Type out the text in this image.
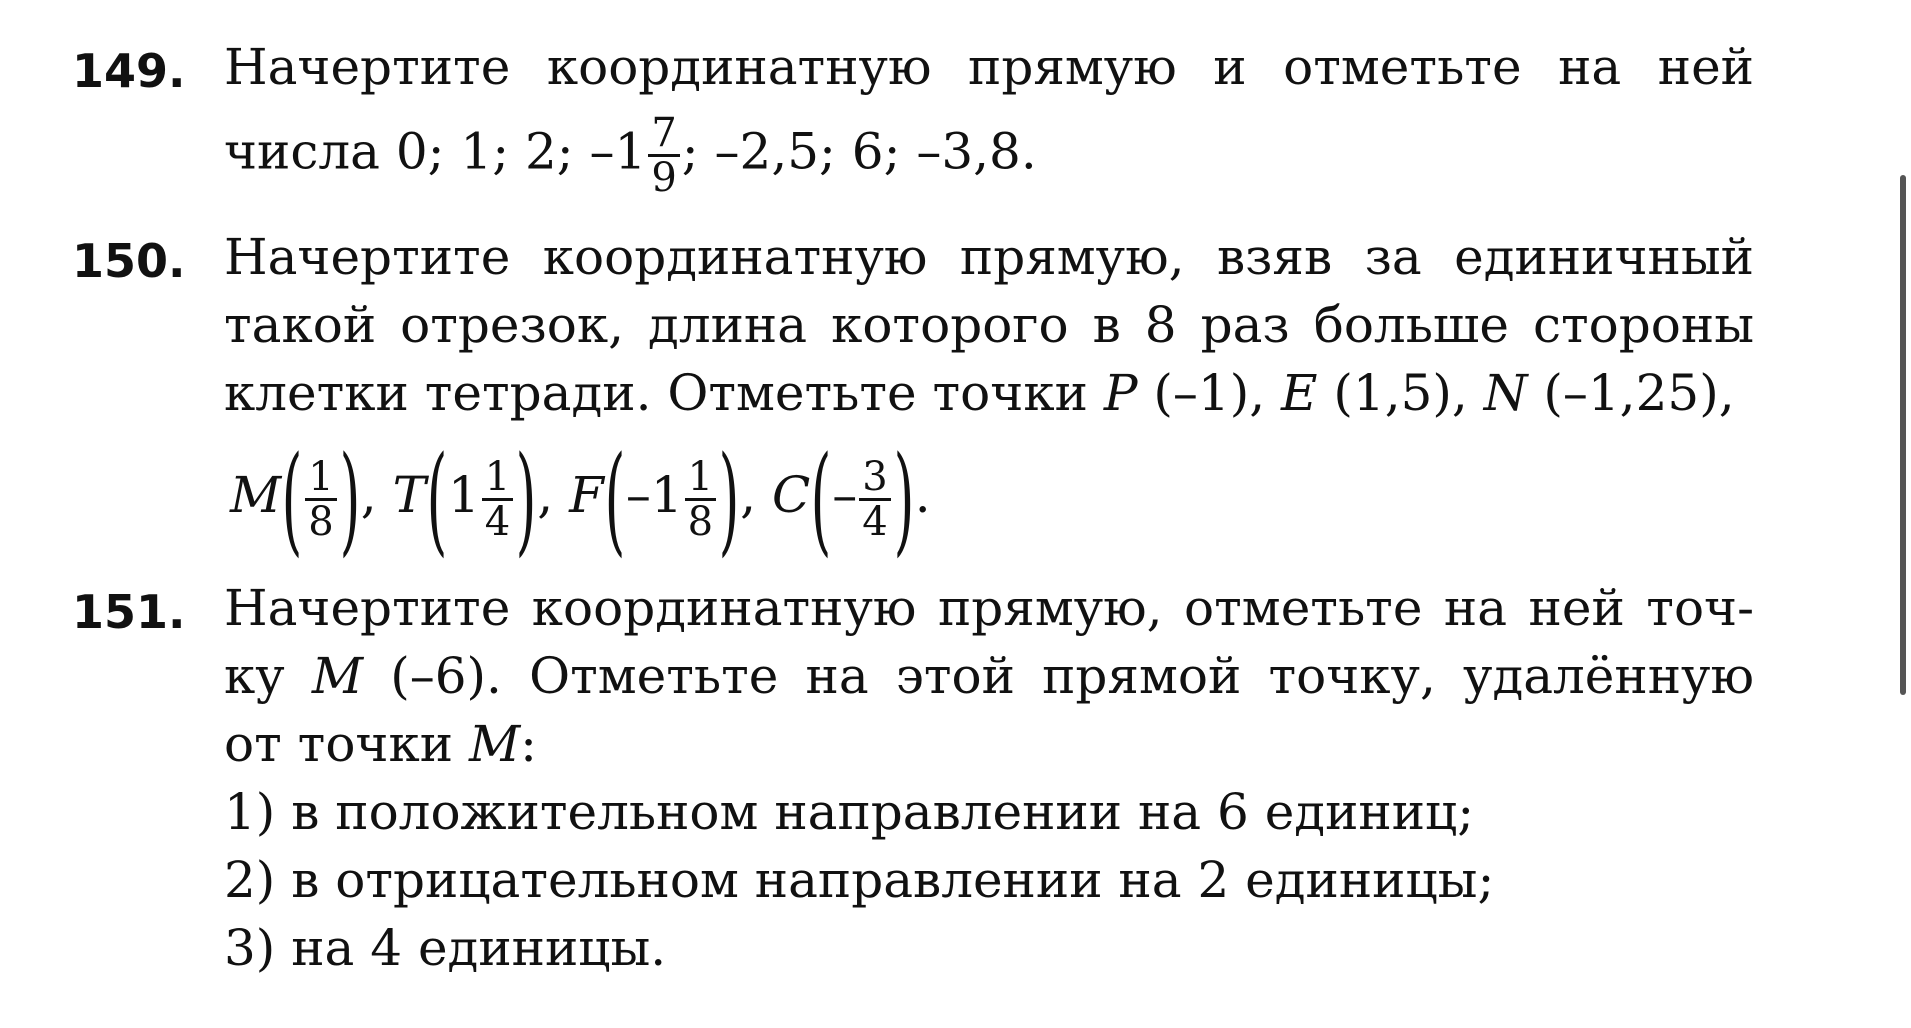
149. Начертите координатную прямую и отметьте на ней
числа 0; 1; 2; $-1 \frac{7}{9}$ ; –2,5; 6; –3,8.
150. Начертите координатную прямую, взяв за единичный
такой отрезок, длина которого в 8 раз больше стороны
клетки тетради. Отметьте точки P (–1), E (1,5), N (–1,25),
$M( \frac{1}{8}$ ), $T(1 \frac{1}{4}$ ), $F(-1 \frac{1}{8}$ ), $C(- \frac{3}{4}$ ).
151. Начертите координатную прямую, отметьте на ней точ-
ку M (–6). Отметьте на этой прямой точку, удалённую
от точки M:
1) в положительном направлении на 6 единиц;
2) в отрицательном направлении на 2 единицы;
3) на 4 единицы.
